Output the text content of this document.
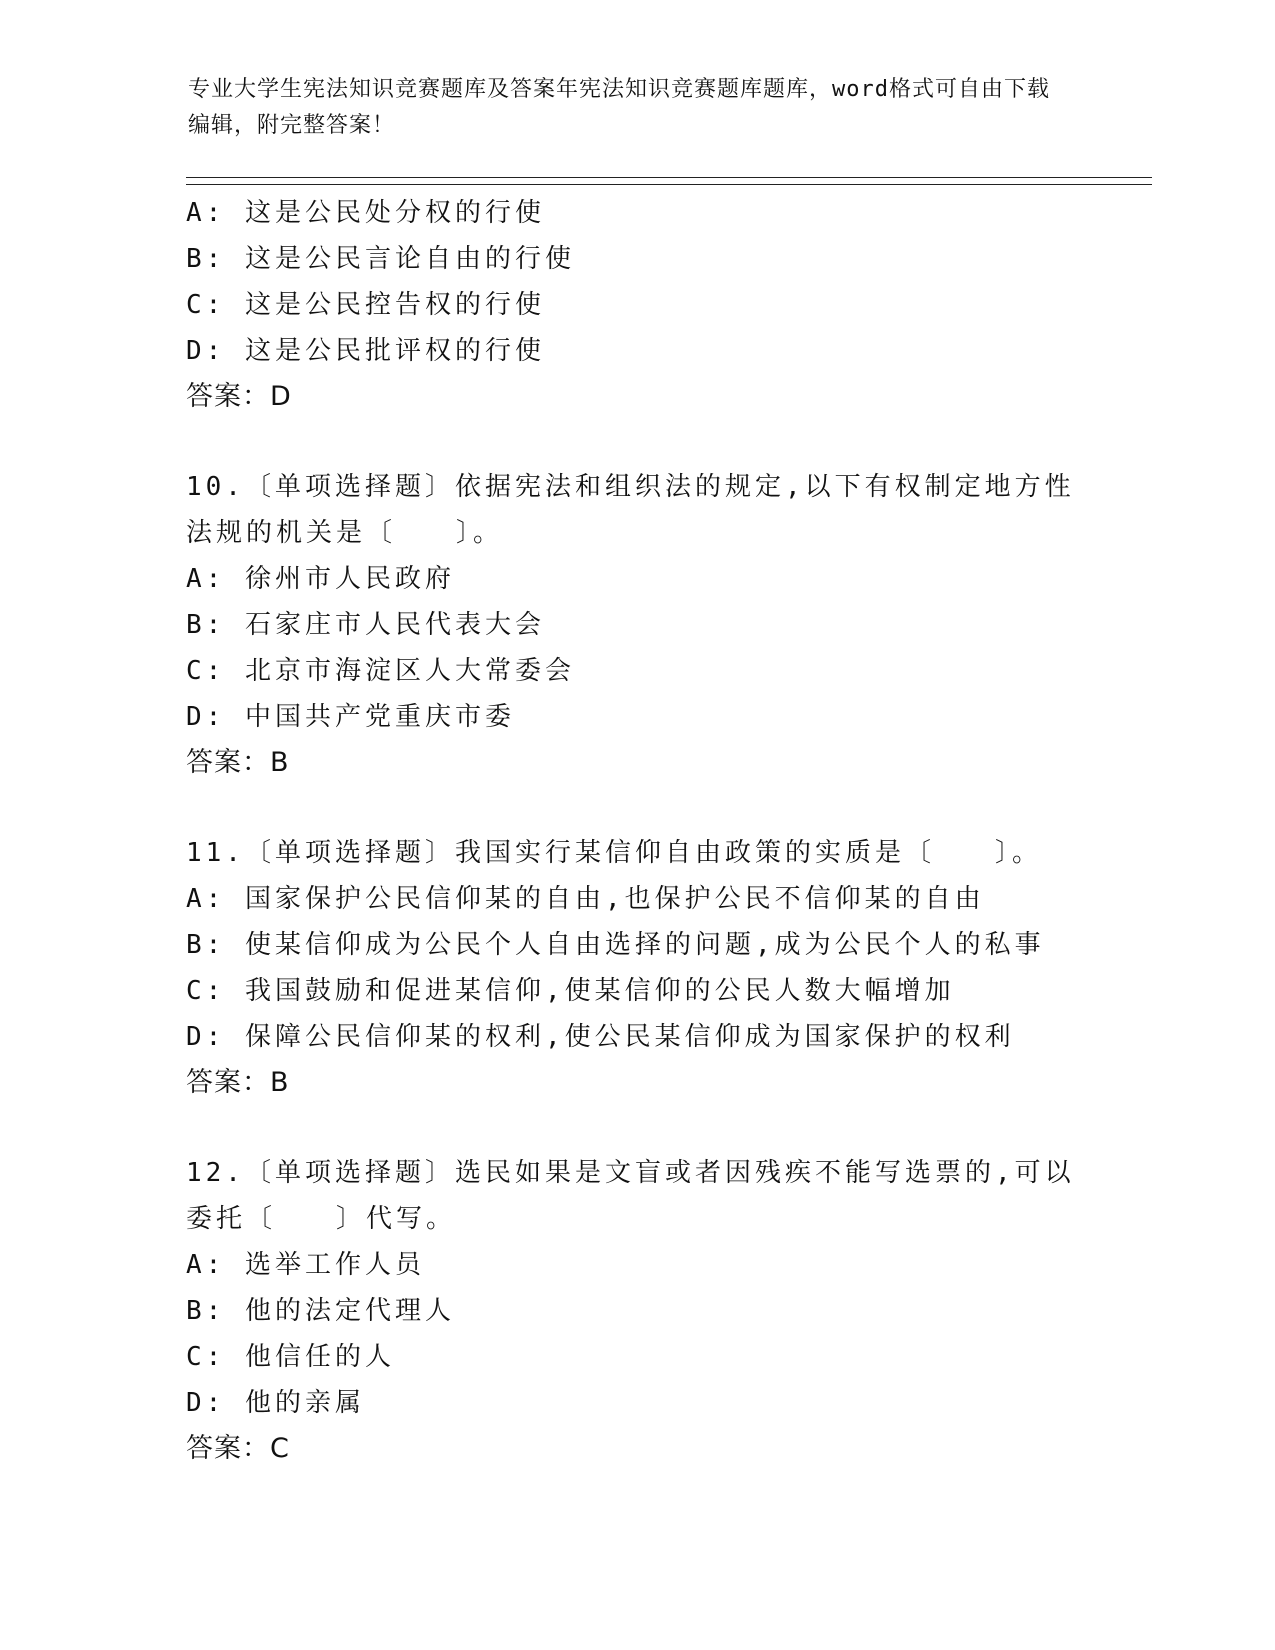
专业大学生宪法知识竞赛题库及答案年宪法知识竞赛题库题库，word格式可自由下载编辑，附完整答案！
A: 这是公民处分权的行使
B: 这是公民言论自由的行使
C: 这是公民控告权的行使
D: 这是公民批评权的行使
答案：D
10.〔单项选择题〕依据宪法和组织法的规定,以下有权制定地方性法规的机关是〔　　〕。
A: 徐州市人民政府
B: 石家庄市人民代表大会
C: 北京市海淀区人大常委会
D: 中国共产党重庆市委
答案：B
11.〔单项选择题〕我国实行某信仰自由政策的实质是〔　　〕。
A: 国家保护公民信仰某的自由,也保护公民不信仰某的自由
B: 使某信仰成为公民个人自由选择的问题,成为公民个人的私事
C: 我国鼓励和促进某信仰,使某信仰的公民人数大幅增加
D: 保障公民信仰某的权利,使公民某信仰成为国家保护的权利
答案：B
12.〔单项选择题〕选民如果是文盲或者因残疾不能写选票的,可以委托〔　　〕代写。
A: 选举工作人员
B: 他的法定代理人
C: 他信任的人
D: 他的亲属
答案：C
